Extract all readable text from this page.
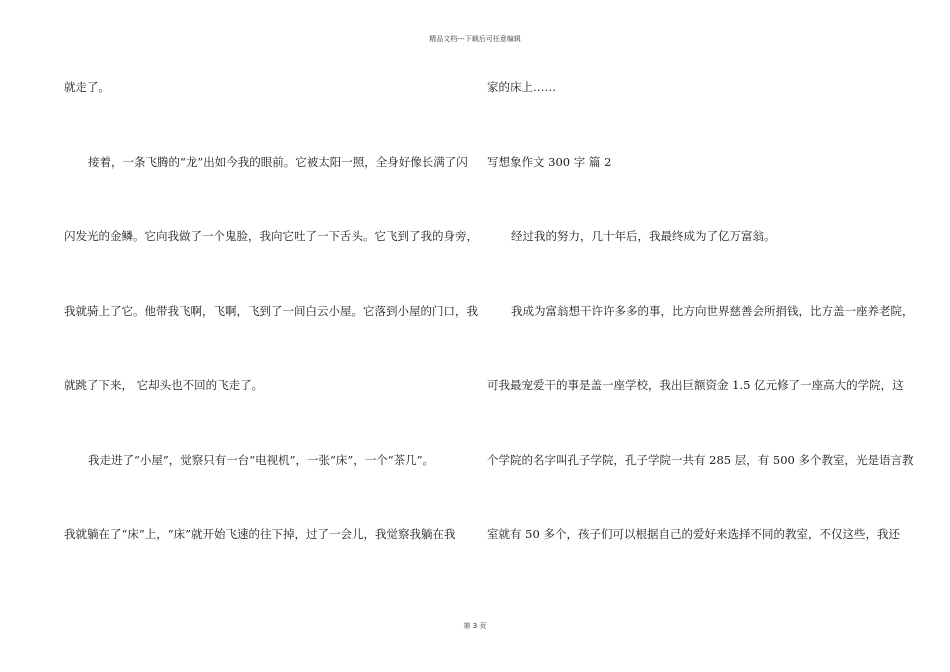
精品文档---下载后可任意编辑
就走了。
接着，一条飞腾的“龙”出如今我的眼前。它被太阳一照，全身好像长满了闪
闪发光的金鳞。它向我做了一个鬼脸，我向它吐了一下舌头。它飞到了我的身旁，
我就骑上了它。他带我飞啊，飞啊，飞到了一间白云小屋。它落到小屋的门口，我
就跳了下来， 它却头也不回的飞走了。
我走进了“小屋”，觉察只有一台“电视机”，一张“床”，一个“茶几”。
我就躺在了“床”上，“床”就开始飞速的往下掉，过了一会儿，我觉察我躺在我
家的床上……
写想象作文 300 字 篇 2
经过我的努力，几十年后，我最终成为了亿万富翁。
我成为富翁想干许许多多的事，比方向世界慈善会所捐钱，比方盖一座养老院，
可我最宠爱干的事是盖一座学校，我出巨额资金 1.5 亿元修了一座高大的学院，这
个学院的名字叫孔子学院，孔子学院一共有 285 层，有 500 多个教室，光是语言教
室就有 50 多个，孩子们可以根据自己的爱好来选择不同的教室，不仅这些，我还
第 3 页
